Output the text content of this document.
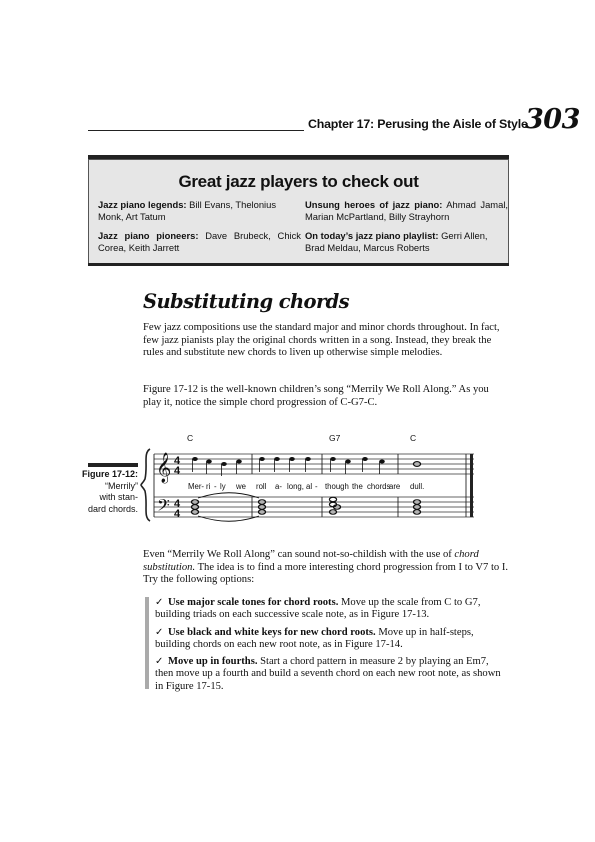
Chapter 17: Perusing the Aisle of Style
303
Great jazz players to check out
Jazz piano legends: Bill Evans, Thelonius Monk, Art Tatum
Unsung heroes of jazz piano: Ahmad Jamal, Marian McPartland, Billy Strayhorn
Jazz piano pioneers: Dave Brubeck, Chick Corea, Keith Jarrett
On today’s jazz piano playlist: Gerri Allen, Brad Meldau, Marcus Roberts
Substituting chords
Few jazz compositions use the standard major and minor chords throughout. In fact, few jazz pianists play the original chords written in a song. Instead, they break the rules and substitute new chords to liven up otherwise simple melodies.
Figure 17-12 is the well-known children’s song “Merrily We Roll Along.” As you play it, notice the simple chord progression of C-G7-C.
Figure 17-12:
“Merrily”
with stan-
dard chords.
C	G7	C
𝄞
𝄢
4
4
4
4
Mer- ri - ly we roll a- long, al - though the chords
are dull.
Even “Merrily We Roll Along” can sound not-so-childish with the use of chord substitution. The idea is to find a more interesting chord progression from I to V7 to I. Try the following options:
✓ Use major scale tones for chord roots. Move up the scale from C to G7, building triads on each successive scale note, as in Figure 17-13.
✓ Use black and white keys for new chord roots. Move up in half-steps, building chords on each new root note, as in Figure 17-14.
✓ Move up in fourths. Start a chord pattern in measure 2 by playing an Em7, then move up a fourth and build a seventh chord on each new root note, as shown in Figure 17-15.
